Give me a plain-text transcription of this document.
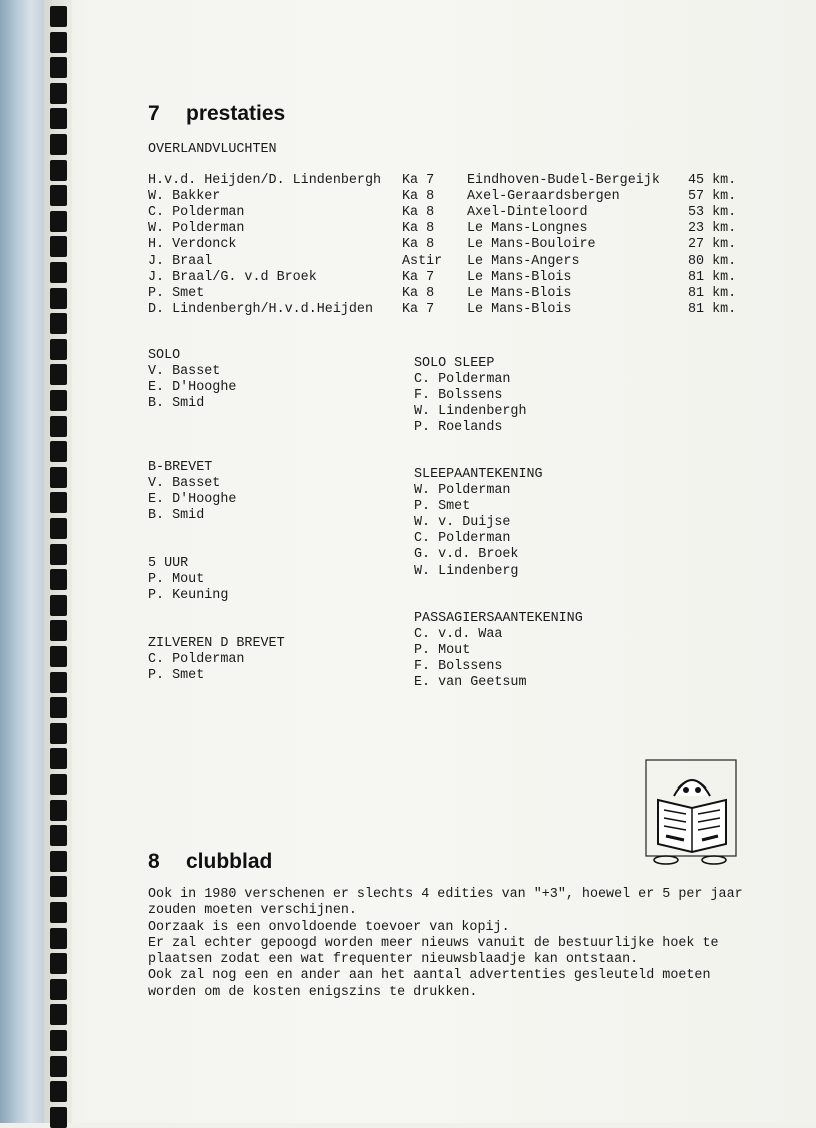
7 prestaties
OVERLANDVLUCHTEN
H.v.d. Heijden/D. Lindenbergh Ka 7 Eindhoven-Budel-Bergeijk 45 km.
W. Bakker	Ka 8 Axel-Geraardsbergen	57 km.
C. Polderman	Ka 8 Axel-Dinteloord	53 km.
W. Polderman	Ka 8 Le Mans-Longnes	23 km.
H. Verdonck	Ka 8 Le Mans-Bouloire	27 km.
J. Braal	Astir Le Mans-Angers	80 km.
J. Braal/G. v.d Broek	Ka 7 Le Mans-Blois	81 km.
P. Smet	Ka 8 Le Mans-Blois	81 km.
D. Lindenbergh/H.v.d.Heijden Ka 7 Le Mans-Blois	81 km.
SOLO
V. Basset
E. D'Hooghe
B. Smid
B-BREVET
V. Basset
E. D'Hooghe
B. Smid
5 UUR
P. Mout
P. Keuning
ZILVEREN D BREVET
C. Polderman
P. Smet
SOLO SLEEP
C. Polderman
F. Bolssens
W. Lindenbergh
P. Roelands
SLEEPAANTEKENING
W. Polderman
P. Smet
W. v. Duijse
C. Polderman
G. v.d. Broek
W. Lindenberg
PASSAGIERSAANTEKENING
C. v.d. Waa
P. Mout
F. Bolssens
E. van Geetsum
8 clubblad
Ook in 1980 verschenen er slechts 4 edities van "+3", hoewel er 5 per jaar
zouden moeten verschijnen.
Oorzaak is een onvoldoende toevoer van kopij.
Er zal echter gepoogd worden meer nieuws vanuit de bestuurlijke hoek te
plaatsen zodat een wat frequenter nieuwsblaadje kan ontstaan.
Ook zal nog een en ander aan het aantal advertenties gesleuteld moeten
worden om de kosten enigszins te drukken.
